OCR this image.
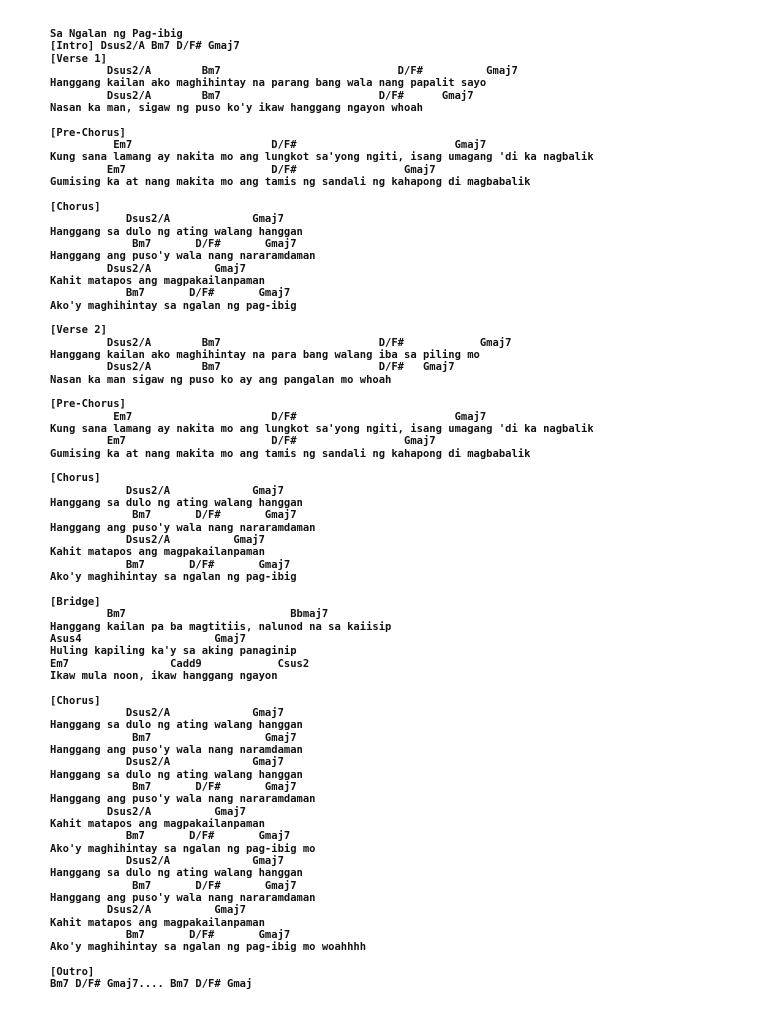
Sa Ngalan ng Pag-ibig
[Intro] Dsus2/A Bm7 D/F# Gmaj7
[Verse 1]
Dsus2/A        Bm7                            D/F#          Gmaj7
Hanggang kailan ako maghihintay na parang bang wala nang papalit sayo
Dsus2/A        Bm7                         D/F#      Gmaj7
Nasan ka man, sigaw ng puso ko'y ikaw hanggang ngayon whoah
[Pre-Chorus]
Em7                      D/F#                         Gmaj7
Kung sana lamang ay nakita mo ang lungkot sa'yong ngiti, isang umagang 'di ka nagbalik
Em7                       D/F#                 Gmaj7
Gumising ka at nang makita mo ang tamis ng sandali ng kahapong di magbabalik
[Chorus]
Dsus2/A             Gmaj7
Hanggang sa dulo ng ating walang hanggan
Bm7       D/F#       Gmaj7
Hanggang ang puso'y wala nang nararamdaman
Dsus2/A          Gmaj7
Kahit matapos ang magpakailanpaman
Bm7       D/F#       Gmaj7
Ako'y maghihintay sa ngalan ng pag-ibig
[Verse 2]
Dsus2/A        Bm7                         D/F#            Gmaj7
Hanggang kailan ako maghihintay na para bang walang iba sa piling mo
Dsus2/A        Bm7                         D/F#   Gmaj7
Nasan ka man sigaw ng puso ko ay ang pangalan mo whoah
[Pre-Chorus]
Em7                      D/F#                         Gmaj7
Kung sana lamang ay nakita mo ang lungkot sa'yong ngiti, isang umagang 'di ka nagbalik
Em7                       D/F#                 Gmaj7
Gumising ka at nang makita mo ang tamis ng sandali ng kahapong di magbabalik
[Chorus]
Dsus2/A             Gmaj7
Hanggang sa dulo ng ating walang hanggan
Bm7       D/F#       Gmaj7
Hanggang ang puso'y wala nang nararamdaman
Dsus2/A          Gmaj7
Kahit matapos ang magpakailanpaman
Bm7       D/F#       Gmaj7
Ako'y maghihintay sa ngalan ng pag-ibig
[Bridge]
Bm7                          Bbmaj7
Hanggang kailan pa ba magtitiis, nalunod na sa kaiisip
Asus4                     Gmaj7
Huling kapiling ka'y sa aking panaginip
Em7                Cadd9            Csus2
Ikaw mula noon, ikaw hanggang ngayon
[Chorus]
Dsus2/A             Gmaj7
Hanggang sa dulo ng ating walang hanggan
Bm7                  Gmaj7
Hanggang ang puso'y wala nang naramdaman
Dsus2/A             Gmaj7
Hanggang sa dulo ng ating walang hanggan
Bm7       D/F#       Gmaj7
Hanggang ang puso'y wala nang nararamdaman
Dsus2/A          Gmaj7
Kahit matapos ang magpakailanpaman
Bm7       D/F#       Gmaj7
Ako'y maghihintay sa ngalan ng pag-ibig mo
Dsus2/A             Gmaj7
Hanggang sa dulo ng ating walang hanggan
Bm7       D/F#       Gmaj7
Hanggang ang puso'y wala nang nararamdaman
Dsus2/A          Gmaj7
Kahit matapos ang magpakailanpaman
Bm7       D/F#       Gmaj7
Ako'y maghihintay sa ngalan ng pag-ibig mo woahhhh
[Outro]
Bm7 D/F# Gmaj7.... Bm7 D/F# Gmaj
